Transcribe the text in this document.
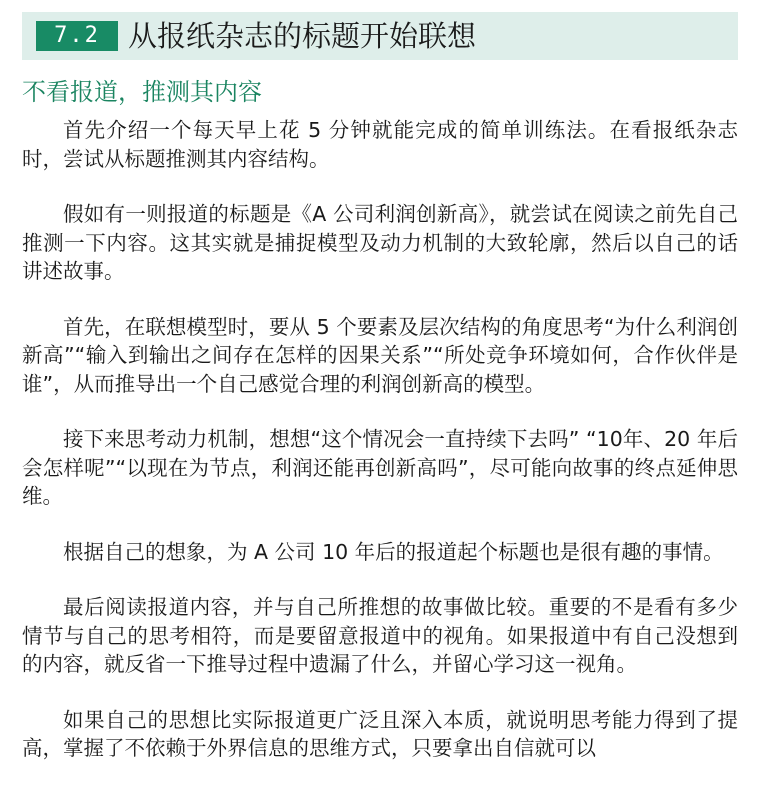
7.2 从报纸杂志的标题开始联想
不看报道，推测其内容

首先介绍一个每天早上花 5 分钟就能完成的简单训练法。在看报纸杂志时，尝试从标题推测其内容结构。

假如有一则报道的标题是《A 公司利润创新高》，就尝试在阅读之前先自己推测一下内容。这其实就是捕捉模型及动力机制的大致轮廓，然后以自己的话讲述故事。

首先，在联想模型时，要从 5 个要素及层次结构的角度思考“为什么利润创新高”“输入到输出之间存在怎样的因果关系”“所处竞争环境如何，合作伙伴是谁”，从而推导出一个自己感觉合理的利润创新高的模型。

接下来思考动力机制，想想“这个情况会一直持续下去吗” “10年、20 年后会怎样呢”“以现在为节点，利润还能再创新高吗”，尽可能向故事的终点延伸思维。

根据自己的想象，为 A 公司 10 年后的报道起个标题也是很有趣的事情。

最后阅读报道内容，并与自己所推想的故事做比较。重要的不是看有多少情节与自己的思考相符，而是要留意报道中的视角。如果报道中有自己没想到的内容，就反省一下推导过程中遗漏了什么，并留心学习这一视角。

如果自己的思想比实际报道更广泛且深入本质，就说明思考能力得到了提高，掌握了不依赖于外界信息的思维方式，只要拿出自信就可以
